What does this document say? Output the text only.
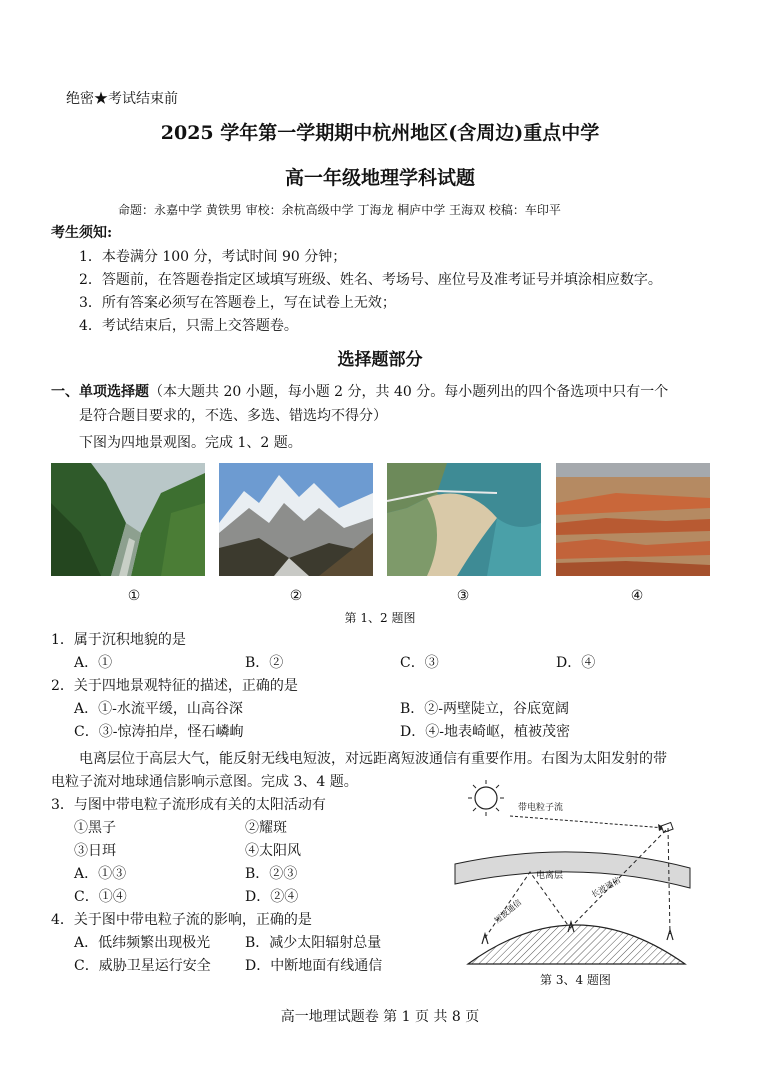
绝密★考试结束前
2025 学年第一学期期中杭州地区(含周边)重点中学
高一年级地理学科试题
命题：永嘉中学 黄铁男 审校：余杭高级中学 丁海龙 桐庐中学 王海双 校稿：车印平
考生须知:
1．本卷满分 100 分，考试时间 90 分钟；
2．答题前，在答题卷指定区域填写班级、姓名、考场号、座位号及准考证号并填涂相应数字。
3．所有答案必须写在答题卷上，写在试卷上无效；
4．考试结束后，只需上交答题卷。
选择题部分
一、单项选择题（本大题共 20 小题，每小题 2 分，共 40 分。每小题列出的四个备选项中只有一个
是符合题目要求的，不选、多选、错选均不得分）
下图为四地景观图。完成 1、2 题。
①	②	③	④
第 1、2 题图
1．属于沉积地貌的是
A．①	B．②	C．③	D．④
2．关于四地景观特征的描述，正确的是
A．①-水流平缓，山高谷深	B．②-两壁陡立，谷底宽阔
C．③-惊涛拍岸，怪石嶙峋	D．④-地表崎岖，植被茂密
电离层位于高层大气，能反射无线电短波，对远距离短波通信有重要作用。右图为太阳发射的带
电粒子流对地球通信影响示意图。完成 3、4 题。
3．与图中带电粒子流形成有关的太阳活动有
①黑子	②耀斑
③日珥	④太阳风
A．①③	B．②③
C．①④	D．②④
4．关于图中带电粒子流的影响，正确的是
A．低纬频繁出现极光 B．减少太阳辐射总量
C．威胁卫星运行安全 D．中断地面有线通信
带电粒子流
电离层
短波通信
长波通信
第 3、4 题图
高一地理试题卷 第 1 页 共 8 页
